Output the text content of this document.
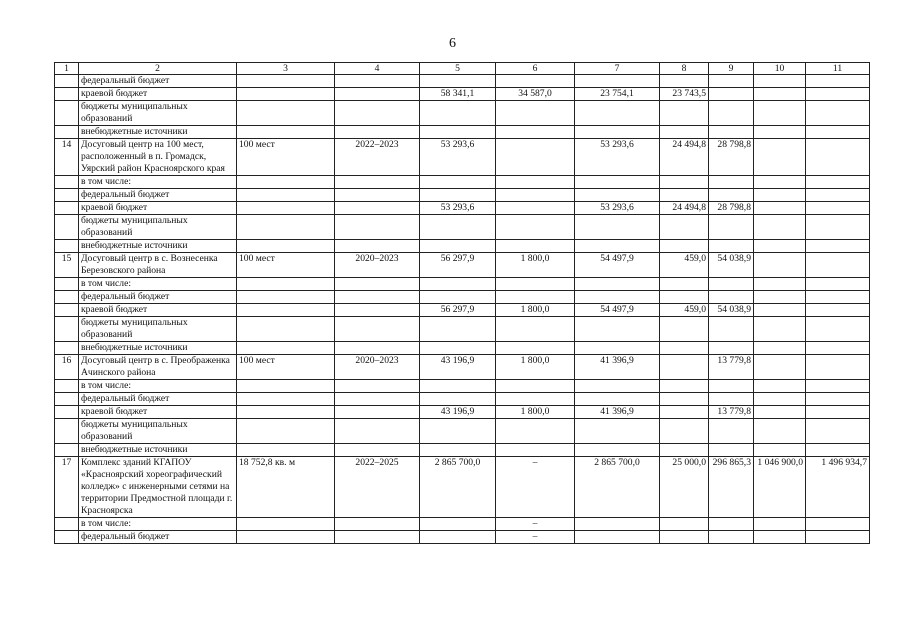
6
1	2	3	4	5	6	7	8	9	10	11
	федеральный бюджет									
	краевой бюджет			58 341,1	34 587,0	23 754,1	23 743,5			
	бюджеты муниципальных образований									
	внебюджетные источники									
14	Досуговый центр на 100 мест, расположенный в п. Громадск, Уярский район Красноярского края	100 мест	2022–2023	53 293,6		53 293,6	24 494,8	28 798,8		
	в том числе:									
	федеральный бюджет									
	краевой бюджет			53 293,6		53 293,6	24 494,8	28 798,8		
	бюджеты муниципальных образований									
	внебюджетные источники									
15	Досуговый центр в с. Вознесенка Березовского района	100 мест	2020–2023	56 297,9	1 800,0	54 497,9	459,0	54 038,9		
	в том числе:									
	федеральный бюджет									
	краевой бюджет			56 297,9	1 800,0	54 497,9	459,0	54 038,9		
	бюджеты муниципальных образований									
	внебюджетные источники									
16	Досуговый центр в с. Преображенка Ачинского района	100 мест	2020–2023	43 196,9	1 800,0	41 396,9		13 779,8		
	в том числе:									
	федеральный бюджет									
	краевой бюджет			43 196,9	1 800,0	41 396,9		13 779,8		
	бюджеты муниципальных образований									
	внебюджетные источники									
17	Комплекс зданий КГАПОУ «Красноярский хореографический колледж» с инженерными сетями на территории Предмостной площади г. Красноярска	18 752,8 кв. м	2022–2025	2 865 700,0	–	2 865 700,0	25 000,0	296 865,3	1 046 900,0	1 496 934,7
	в том числе:				–					
	федеральный бюджет				–					
